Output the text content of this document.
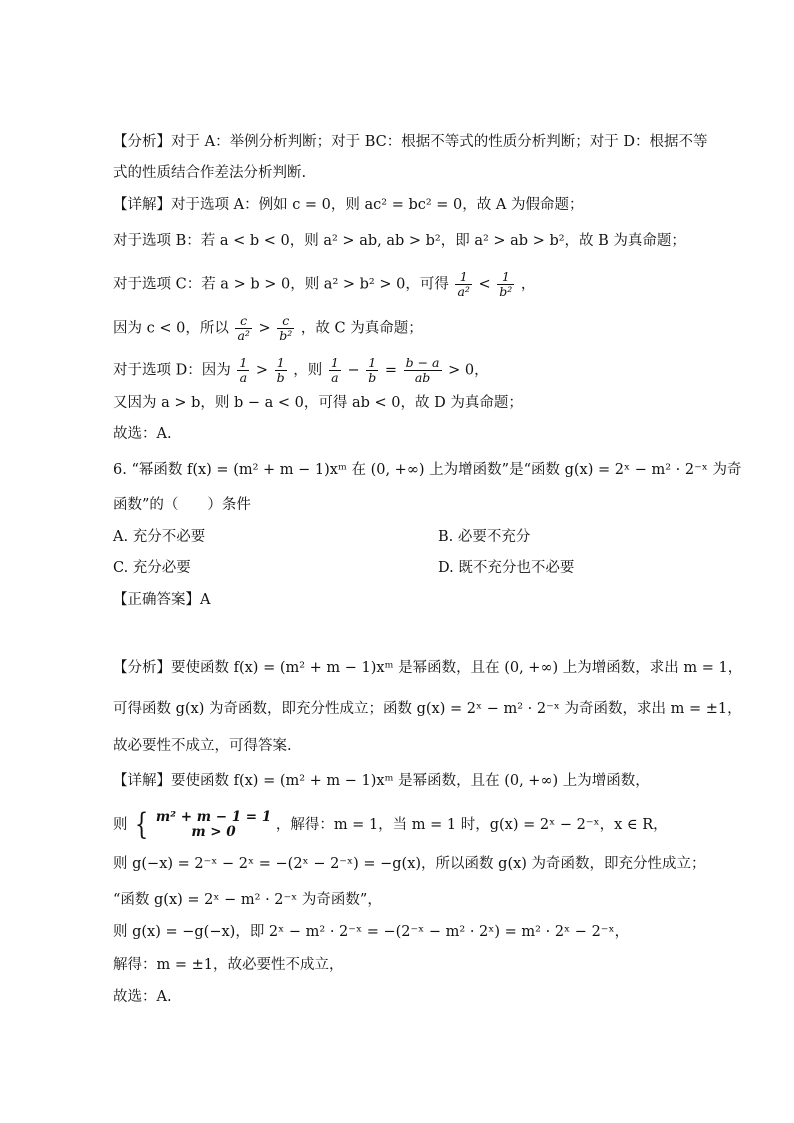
【分析】对于 A：举例分析判断；对于 BC：根据不等式的性质分析判断；对于 D：根据不等
式的性质结合作差法分析判断.
【详解】对于选项 A：例如 c = 0，则 ac² = bc² = 0，故 A 为假命题；
对于选项 B：若 a < b < 0，则 a² > ab, ab > b²，即 a² > ab > b²，故 B 为真命题；
对于选项 C：若 a > b > 0，则 a² > b² > 0，可得 $\frac{1}{\text{a²}} < \frac{1}{\text{b²}}$ ，
因为 c < 0，所以 $\frac{c}{\text{a²}} > \frac{c}{\text{b²}}$ ，故 C 为真命题；
对于选项 D：因为 $\frac{1}{a} > \frac{1}{b}$ ，则 $\frac{1}{a} - \frac{1}{b} = \frac{b - a}{ab} > 0$，
又因为 a > b，则 b − a < 0，可得 ab < 0，故 D 为真命题；
故选：A.
6. “幂函数 f(x) = (m² + m − 1)xᵐ 在 (0, +∞) 上为增函数”是“函数 g(x) = 2ˣ − m² · 2⁻ˣ 为奇
函数”的（　　）条件
A. 充分不必要	B. 必要不充分
C. 充分必要	D. 既不充分也不必要
【正确答案】A
【分析】要使函数 f(x) = (m² + m − 1)xᵐ 是幂函数，且在 (0, +∞) 上为增函数，求出 m = 1，
可得函数 g(x) 为奇函数，即充分性成立；函数 g(x) = 2ˣ − m² · 2⁻ˣ 为奇函数，求出 m = ±1，
故必要性不成立，可得答案.
【详解】要使函数 f(x) = (m² + m − 1)xᵐ 是幂函数，且在 (0, +∞) 上为增函数，
则 { m² + m − 1 = 1
m > 0	，解得：m = 1，当 m = 1 时，g(x) = 2ˣ − 2⁻ˣ，x ∈ R，
则 g(−x) = 2⁻ˣ − 2ˣ = −(2ˣ − 2⁻ˣ) = −g(x)，所以函数 g(x) 为奇函数，即充分性成立；
“函数 g(x) = 2ˣ − m² · 2⁻ˣ 为奇函数”，
则 g(x) = −g(−x)，即 2ˣ − m² · 2⁻ˣ = −(2⁻ˣ − m² · 2ˣ) = m² · 2ˣ − 2⁻ˣ，
解得：m = ±1，故必要性不成立，
故选：A.
